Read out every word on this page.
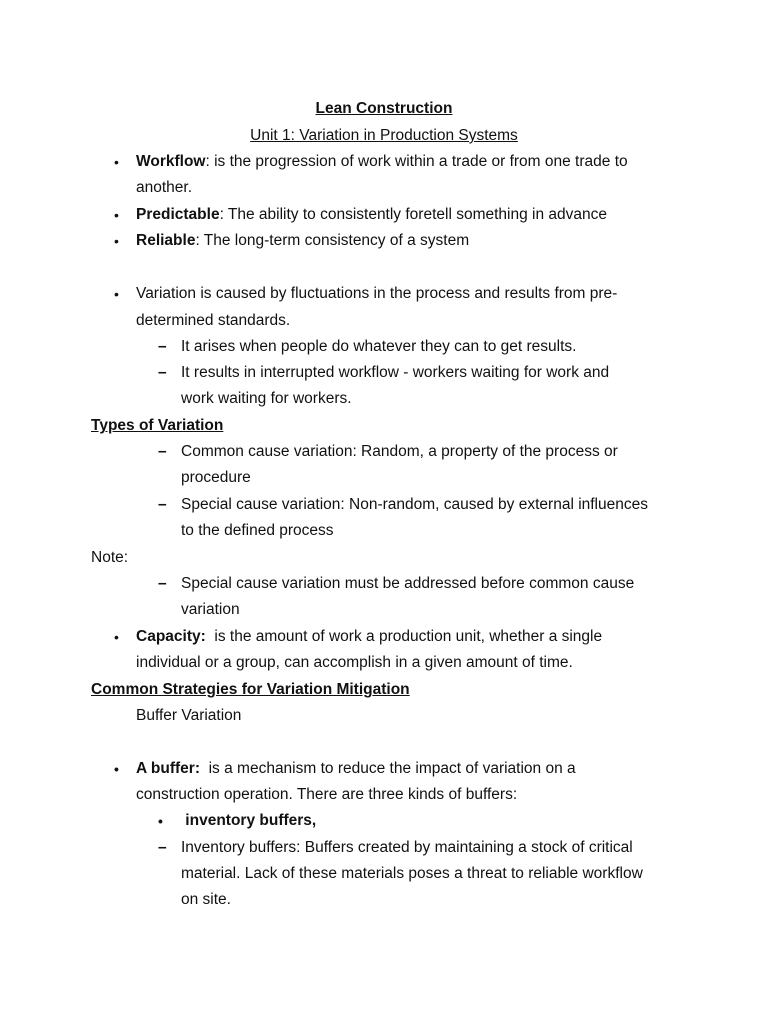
Lean Construction
Unit 1: Variation in Production Systems
• Workflow: is the progression of work within a trade or from one trade to
another.
• Predictable: The ability to consistently foretell something in advance
• Reliable: The long-term consistency of a system
• Variation is caused by fluctuations in the process and results from pre-
determined standards.
– It arises when people do whatever they can to get results.
– It results in interrupted workflow - workers waiting for work and
work waiting for workers.
Types of Variation
– Common cause variation: Random, a property of the process or
procedure
– Special cause variation: Non-random, caused by external influences
to the defined process
Note:
– Special cause variation must be addressed before common cause
variation
• Capacity:  is the amount of work a production unit, whether a single
individual or a group, can accomplish in a given amount of time.
Common Strategies for Variation Mitigation
Buffer Variation
• A buffer:  is a mechanism to reduce the impact of variation on a
construction operation. There are three kinds of buffers:
• inventory buffers,
– Inventory buffers: Buffers created by maintaining a stock of critical
material. Lack of these materials poses a threat to reliable workflow
on site.
